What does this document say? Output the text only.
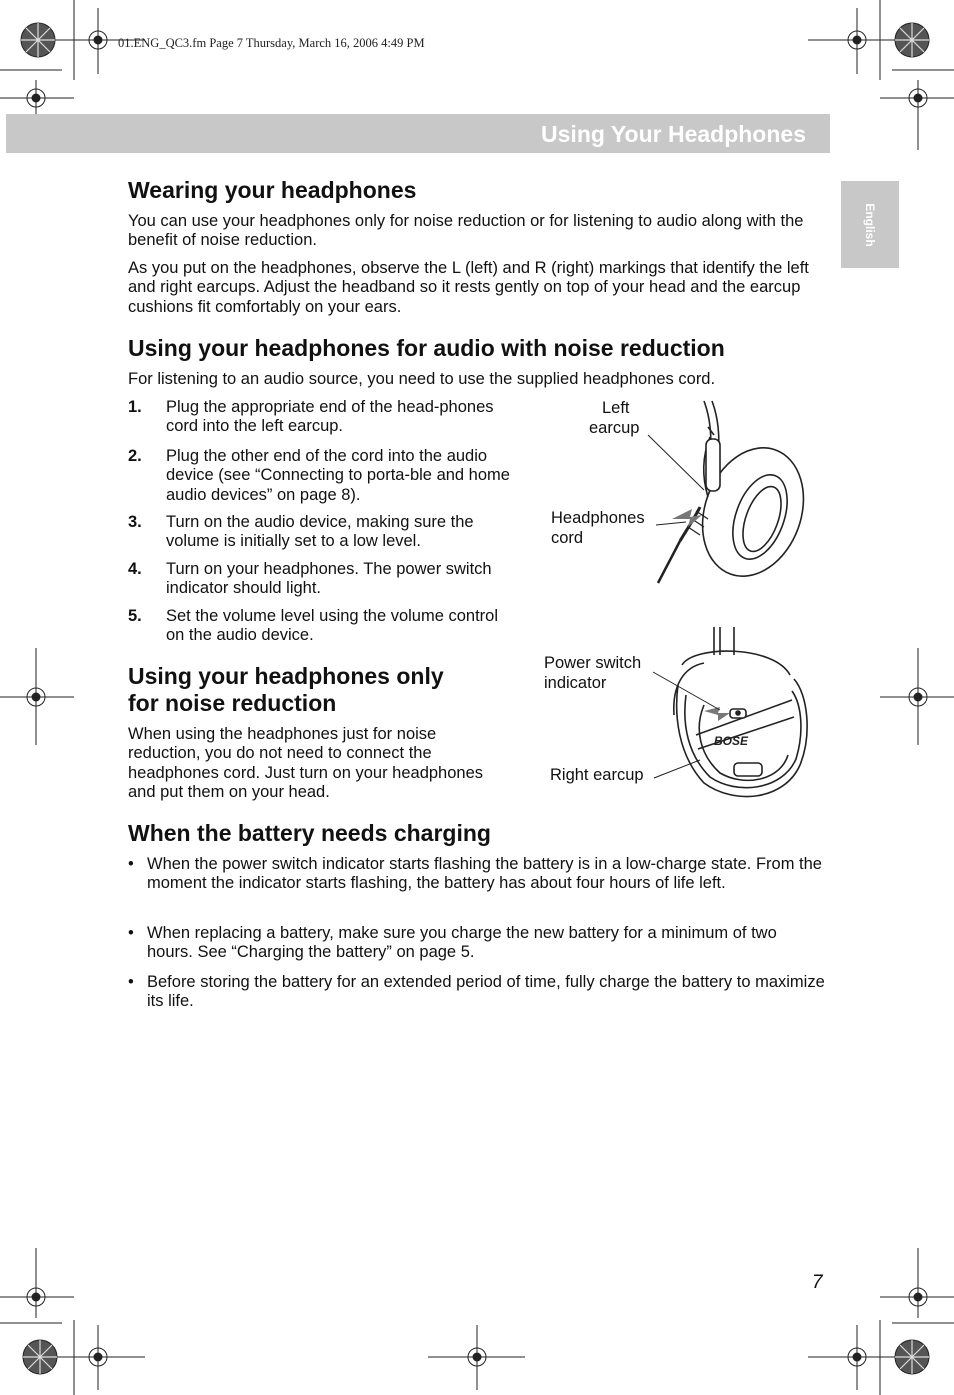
01.ENG_QC3.fm Page 7 Thursday, March 16, 2006 4:49 PM
Using Your Headphones
English
Wearing your headphones

You can use your headphones only for noise reduction or for listening to audio along with the benefit of noise reduction.

As you put on the headphones, observe the L (left) and R (right) markings that identify the left and right earcups. Adjust the headband so it rests gently on top of your head and the earcup cushions fit comfortably on your ears.

Using your headphones for audio with noise reduction

For listening to an audio source, you need to use the supplied headphones cord.

1. Plug the appropriate end of the head-phones cord into the left earcup.
2. Plug the other end of the cord into the audio device (see “Connecting to porta-ble and home audio devices” on page 8).
3. Turn on the audio device, making sure the volume is initially set to a low level.
4. Turn on your headphones. The power switch indicator should light.
5. Set the volume level using the volume control on the audio device.
Left
earcup
Headphones
cord
Using your headphones only
for noise reduction

When using the headphones just for noise reduction, you do not need to connect the headphones cord. Just turn on your headphones and put them on your head.

BOSE
Power switch
indicator
Right earcup
When the battery needs charging
• When the power switch indicator starts flashing the battery is in a low-charge state. From the moment the indicator starts flashing, the battery has about four hours of life left.
• When replacing a battery, make sure you charge the new battery for a minimum of two hours. See “Charging the battery” on page 5.
• Before storing the battery for an extended period of time, fully charge the battery to maximize its life.
7
